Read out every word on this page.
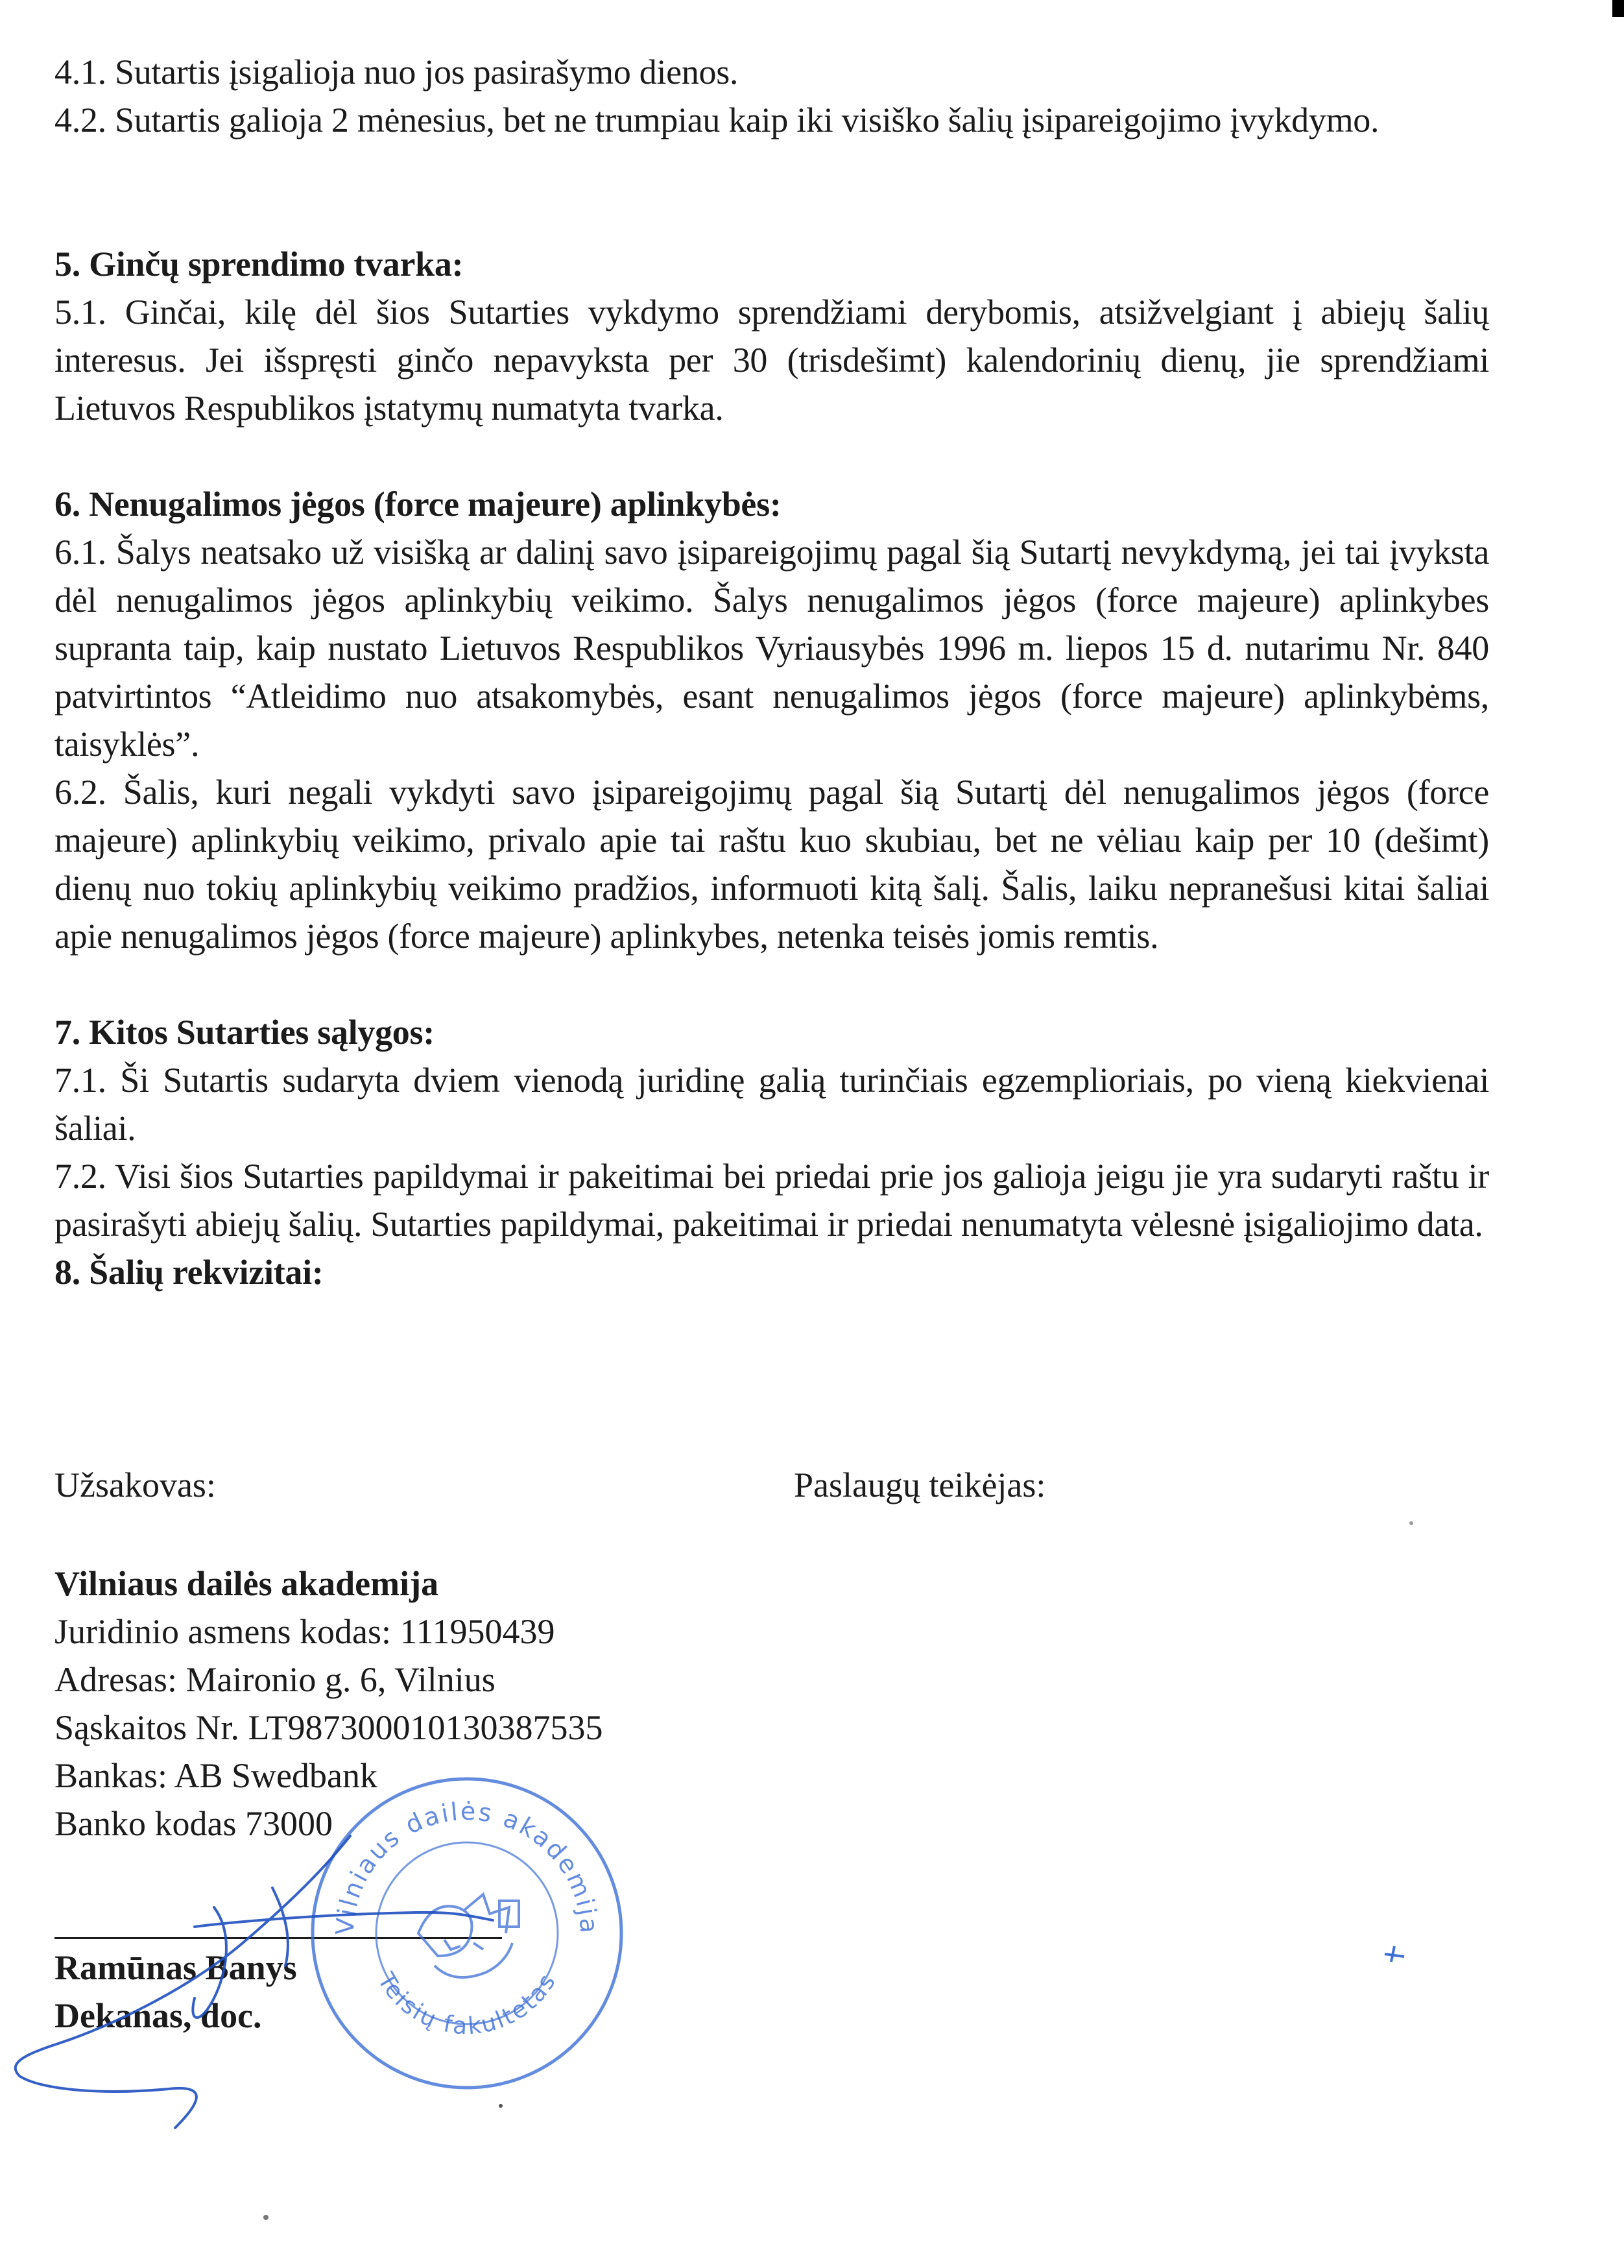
4.1. Sutartis įsigalioja nuo jos pasirašymo dienos.

4.2. Sutartis galioja 2 mėnesius, bet ne trumpiau kaip iki visiško šalių įsipareigojimo įvykdymo.

5. Ginčų sprendimo tvarka:

5.1. Ginčai, kilę dėl šios Sutarties vykdymo sprendžiami derybomis, atsižvelgiant į abiejų šalių interesus. Jei išspręsti ginčo nepavyksta per 30 (trisdešimt) kalendorinių dienų, jie sprendžiami Lietuvos Respublikos įstatymų numatyta tvarka.

6. Nenugalimos jėgos (force majeure) aplinkybės:

6.1. Šalys neatsako už visišką ar dalinį savo įsipareigojimų pagal šią Sutartį nevykdymą, jei tai įvyksta dėl nenugalimos jėgos aplinkybių veikimo. Šalys nenugalimos jėgos (force majeure) aplinkybes supranta taip, kaip nustato Lietuvos Respublikos Vyriausybės 1996 m. liepos 15 d. nutarimu Nr. 840 patvirtintos “Atleidimo nuo atsakomybės, esant nenugalimos jėgos (force majeure) aplinkybėms, taisyklės”.

6.2. Šalis, kuri negali vykdyti savo įsipareigojimų pagal šią Sutartį dėl nenugalimos jėgos (force majeure) aplinkybių veikimo, privalo apie tai raštu kuo skubiau, bet ne vėliau kaip per 10 (dešimt) dienų nuo tokių aplinkybių veikimo pradžios, informuoti kitą šalį. Šalis, laiku nepranešusi kitai šaliai apie nenugalimos jėgos (force majeure) aplinkybes, netenka teisės jomis remtis.

7. Kitos Sutarties sąlygos:

7.1. Ši Sutartis sudaryta dviem vienodą juridinę galią turinčiais egzemplioriais, po vieną kiekvienai šaliai.

7.2. Visi šios Sutarties papildymai ir pakeitimai bei priedai prie jos galioja jeigu jie yra sudaryti raštu ir pasirašyti abiejų šalių. Sutarties papildymai, pakeitimai ir priedai nenumatyta vėlesnė įsigaliojimo data.

8. Šalių rekvizitai:
Užsakovas:	Paslaugų teikėjas:
Vilniaus dailės akademija
Juridinio asmens kodas: 111950439
Adresas: Maironio g. 6, Vilnius
Sąskaitos Nr. LT987300010130387535
Bankas: AB Swedbank
Banko kodas 73000
Ramūnas Banys
Dekanas, doc.
Vilniaus dailės akademija
Teisių fakultetas
